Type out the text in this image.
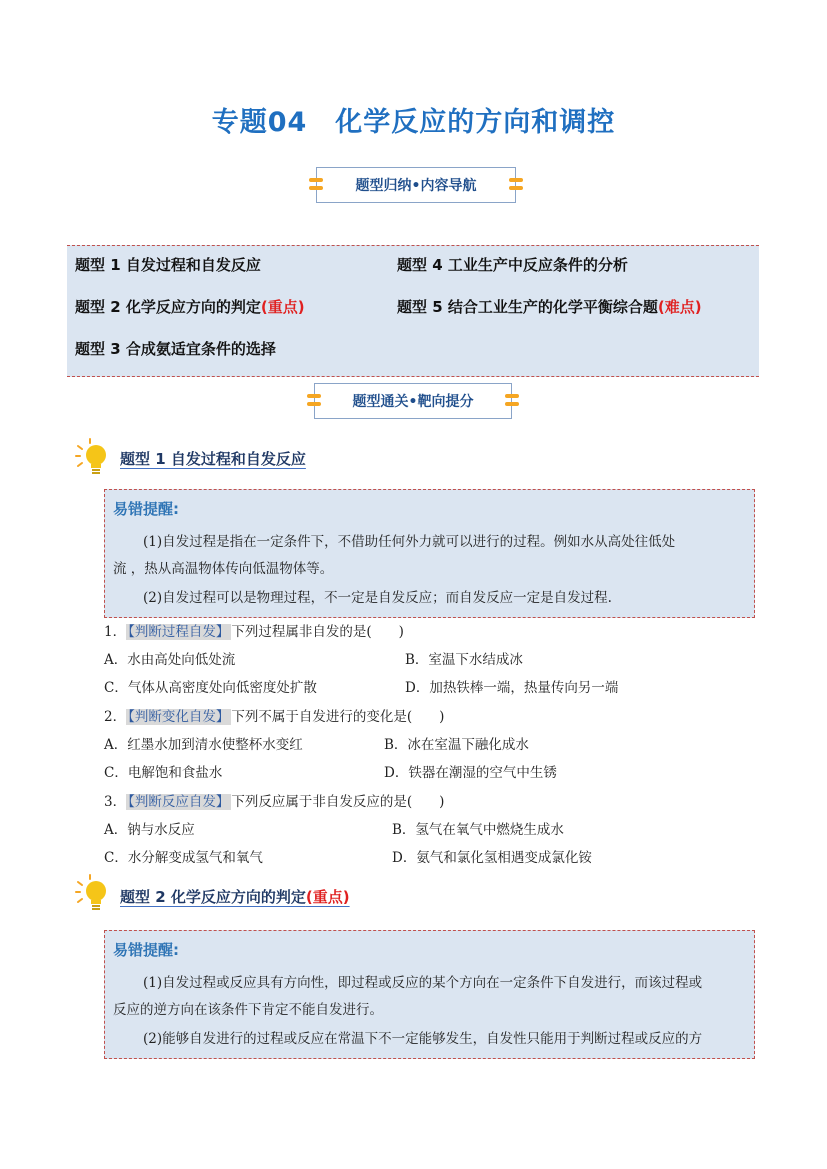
专题04　化学反应的方向和调控
题型归纳•内容导航
题型 1 自发过程和自发反应	题型 4 工业生产中反应条件的分析
题型 2 化学反应方向的判定(重点)	题型 5 结合工业生产的化学平衡综合题(难点)
题型 3 合成氨适宜条件的选择
题型通关•靶向提分
题型 1 自发过程和自发反应
易错提醒:
(1)自发过程是指在一定条件下，不借助任何外力就可以进行的过程。例如水从高处往低处
流 ，热从高温物体传向低温物体等。
(2)自发过程可以是物理过程，不一定是自发反应；而自发反应一定是自发过程.
1． 【判断过程自发】 下列过程属非自发的是(　　)
A．水由高处向低处流	B．室温下水结成冰
C．气体从高密度处向低密度处扩散	D．加热铁棒一端，热量传向另一端
2． 【判断变化自发】 下列不属于自发进行的变化是(　　)
A．红墨水加到清水使整杯水变红	B．冰在室温下融化成水
C．电解饱和食盐水	D．铁器在潮湿的空气中生锈
3． 【判断反应自发】 下列反应属于非自发反应的是(　　)
A．钠与水反应	B．氢气在氧气中燃烧生成水
C．水分解变成氢气和氧气	D．氨气和氯化氢相遇变成氯化铵
题型 2 化学反应方向的判定(重点)
易错提醒:
(1)自发过程或反应具有方向性，即过程或反应的某个方向在一定条件下自发进行，而该过程或
反应的逆方向在该条件下肯定不能自发进行。
(2)能够自发进行的过程或反应在常温下不一定能够发生，自发性只能用于判断过程或反应的方
